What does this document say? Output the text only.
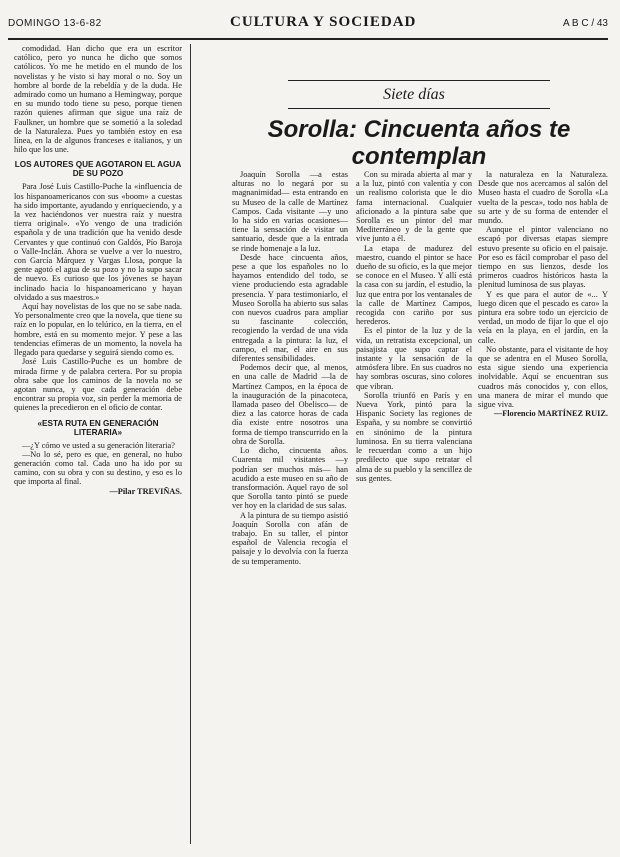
DOMINGO 13-6-82	CULTURA Y SOCIEDAD	A B C / 43

comodidad. Han dicho que era un escritor católico, pero yo nunca he dicho que somos católicos. Yo me he metido en el mundo de los novelistas y he visto si hay moral o no. Soy un hombre al borde de la rebeldía y de la duda. He admirado como un humano a Hemingway, porque en su mundo todo tiene su peso, porque tienen razón quienes afirman que sigue una raíz de Faulkner, un hombre que se sometió a la soledad de la Naturaleza. Pues yo también estoy en esa línea, en la de algunos franceses e italianos, y un hilo que los une.

LOS AUTORES QUE AGOTARON EL AGUA DE SU POZO

Para José Luis Castillo-Puche la «influencia de los hispanoamericanos con sus «boom» a cuestas ha sido importante, ayudando y enriqueciendo, y a la vez haciéndonos ver nuestra raíz y nuestra tierra original». «Yo vengo de una tradición española y de una tradición que ha venido desde Cervantes y que continuó con Galdós, Pío Baroja o Valle-Inclán. Ahora se vuelve a ver lo nuestro, con García Márquez y Vargas Llosa, porque la gente agotó el agua de su pozo y no la supo sacar de nuevo. Es curioso que los jóvenes se hayan inclinado hacia lo hispanoamericano y hayan olvidado a sus maestros.»

Aquí hay novelistas de los que no se sabe nada. Yo personalmente creo que la novela, que tiene su raíz en lo popular, en lo telúrico, en la tierra, en el hombre, está en su momento mejor. Y pese a las tendencias efímeras de un momento, la novela ha llegado para quedarse y seguirá siendo como es.

José Luis Castillo-Puche es un hombre de mirada firme y de palabra certera. Por su propia obra sabe que los caminos de la novela no se agotan nunca, y que cada generación debe encontrar su propia voz, sin perder la memoria de quienes la precedieron en el oficio de contar.

«ESTA RUTA EN GENERACIÓN LITERARIA»

—¿Y cómo ve usted a su generación literaria?

—No lo sé, pero es que, en general, no hubo generación como tal. Cada uno ha ido por su camino, con su obra y con su destino, y eso es lo que importa al final.

—Pilar TREVIÑAS.

Siete días
Sorolla: Cincuenta años te contemplan

Joaquín Sorolla —a estas alturas no lo negará por su magnanimidad— esta entrando en su Museo de la calle de Martínez Campos. Cada visitante —y uno lo ha sido en varias ocasiones— tiene la sensación de visitar un santuario, desde que a la entrada se rinde homenaje a la luz.

Desde hace cincuenta años, pese a que los españoles no lo hayamos entendido del todo, se viene produciendo esta agradable presencia. Y para testimoniarlo, el Museo Sorolla ha abierto sus salas con nuevos cuadros para ampliar su fascinante colección, recogiendo la verdad de una vida entregada a la pintura: la luz, el campo, el mar, el aire en sus diferentes sensibilidades.

Podemos decir que, al menos, en una calle de Madrid —la de Martínez Campos, en la época de la inauguración de la pinacoteca, llamada paseo del Obelisco— de diez a las catorce horas de cada día existe entre nosotros una forma de tiempo transcurrido en la obra de Sorolla.

Lo dicho, cincuenta años. Cuarenta mil visitantes —y podrían ser muchos más— han acudido a este museo en su año de transformación. Aquel rayo de sol que Sorolla tanto pintó se puede ver hoy en la claridad de sus salas.

A la pintura de su tiempo asistió Joaquín Sorolla con afán de trabajo. En su taller, el pintor español de Valencia recogía el paisaje y lo devolvía con la fuerza de su temperamento.

Con su mirada abierta al mar y a la luz, pintó con valentía y con un realismo colorista que le dio fama internacional. Cualquier aficionado a la pintura sabe que Sorolla es un pintor del mar Mediterráneo y de la gente que vive junto a él.

La etapa de madurez del maestro, cuando el pintor se hace dueño de su oficio, es la que mejor se conoce en el Museo. Y allí está la casa con su jardín, el estudio, la luz que entra por los ventanales de la calle de Martínez Campos, recogida con cariño por sus herederos.

Es el pintor de la luz y de la vida, un retratista excepcional, un paisajista que supo captar el instante y la sensación de la atmósfera libre. En sus cuadros no hay sombras oscuras, sino colores que vibran.

Sorolla triunfó en París y en Nueva York, pintó para la Hispanic Society las regiones de España, y su nombre se convirtió en sinónimo de la pintura luminosa. En su tierra valenciana le recuerdan como a un hijo predilecto que supo retratar el alma de su pueblo y la sencillez de sus gentes.

la naturaleza en la Naturaleza. Desde que nos acercamos al salón del Museo hasta el cuadro de Sorolla «La vuelta de la pesca», todo nos habla de su arte y de su forma de entender el mundo.

Aunque el pintor valenciano no escapó por diversas etapas siempre estuvo presente su oficio en el paisaje. Por eso es fácil comprobar el paso del tiempo en sus lienzos, desde los primeros cuadros históricos hasta la plenitud luminosa de sus playas.

Y es que para el autor de «... Y luego dicen que el pescado es caro» la pintura era sobre todo un ejercicio de verdad, un modo de fijar lo que el ojo veía en la playa, en el jardín, en la calle.

No obstante, para el visitante de hoy que se adentra en el Museo Sorolla, esta sigue siendo una experiencia inolvidable. Aquí se encuentran sus cuadros más conocidos y, con ellos, una manera de mirar el mundo que sigue viva.

—Florencio MARTÍNEZ RUIZ.
